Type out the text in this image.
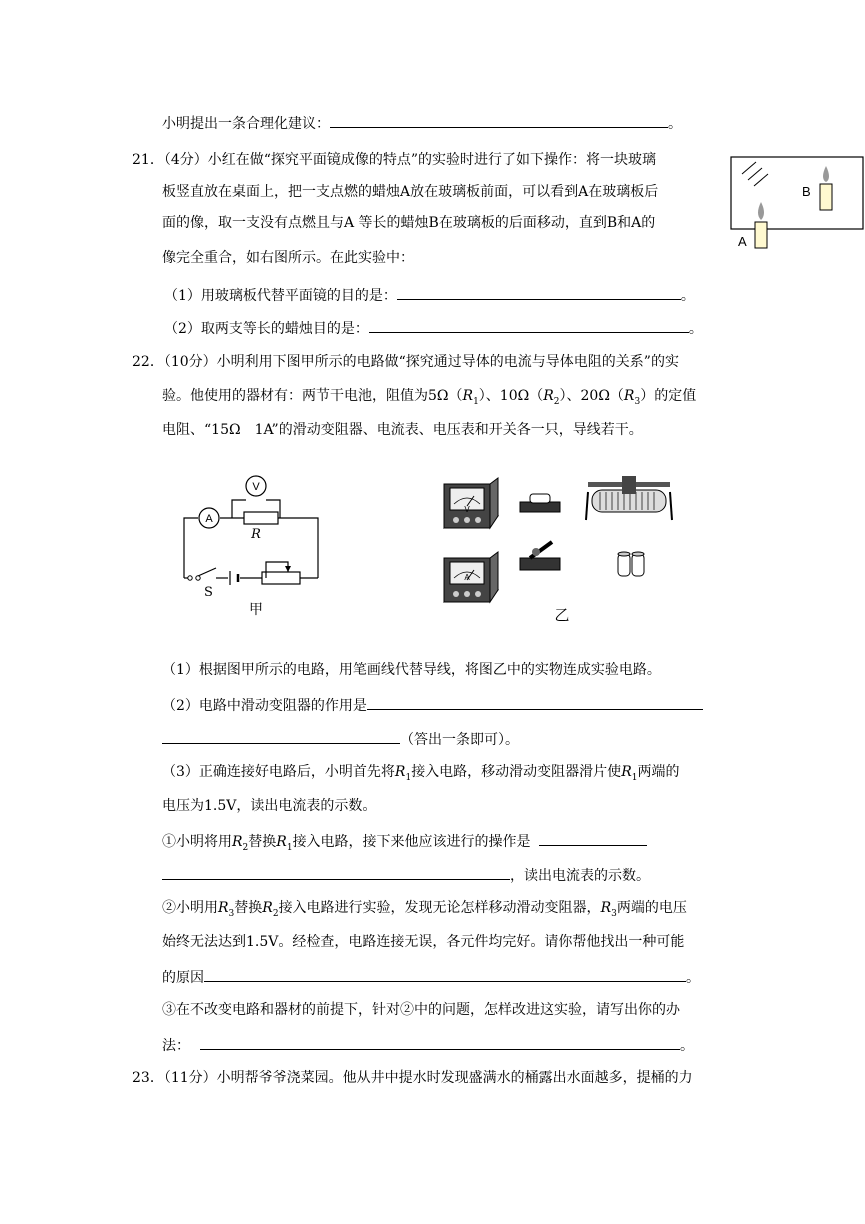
小明提出一条合理化建议：	。
21．（4分）小红在做“探究平面镜成像的特点”的实验时进行了如下操作：将一块玻璃
板竖直放在桌面上，把一支点燃的蜡烛A放在玻璃板前面，可以看到A在玻璃板后
面的像，取一支没有点燃且与A 等长的蜡烛B在玻璃板的后面移动，直到B和A的
像完全重合，如右图所示。在此实验中：
（1）用玻璃板代替平面镜的目的是：	。
（2）取两支等长的蜡烛目的是：	。
B
A
22．（10分）小明利用下图甲所示的电路做“探究通过导体的电流与导体电阻的关系”的实
验。他使用的器材有：两节干电池，阻值为$5\Omega(R_1)$、$10\Omega(R_2)$、$20\Omega(R_3)$的定值
电阻、“15Ω　1A”的滑动变阻器、电流表、电压表和开关各一只，导线若干。
A
V
R
S
甲
V
A
乙
（1）根据图甲所示的电路，用笔画线代替导线，将图乙中的实物连成实验电路。
（2）电路中滑动变阻器的作用是
（答出一条即可）。
（3）正确连接好电路后，小明首先将$R_1$接入电路，移动滑动变阻器滑片使$R_1$两端的
电压为1.5V，读出电流表的示数。
①小明将用$R_2$替换$R_1$接入电路，接下来他应该进行的操作是
，读出电流表的示数。
②小明用$R_3$替换$R_2$接入电路进行实验，发现无论怎样移动滑动变阻器，$R_3$两端的电压
始终无法达到1.5V。经检查，电路连接无误，各元件均完好。请你帮他找出一种可能
的原因	。
③在不改变电路和器材的前提下，针对②中的问题，怎样改进这实验，请写出你的办
法：	。
23．（11分）小明帮爷爷浇菜园。他从井中提水时发现盛满水的桶露出水面越多，提桶的力
